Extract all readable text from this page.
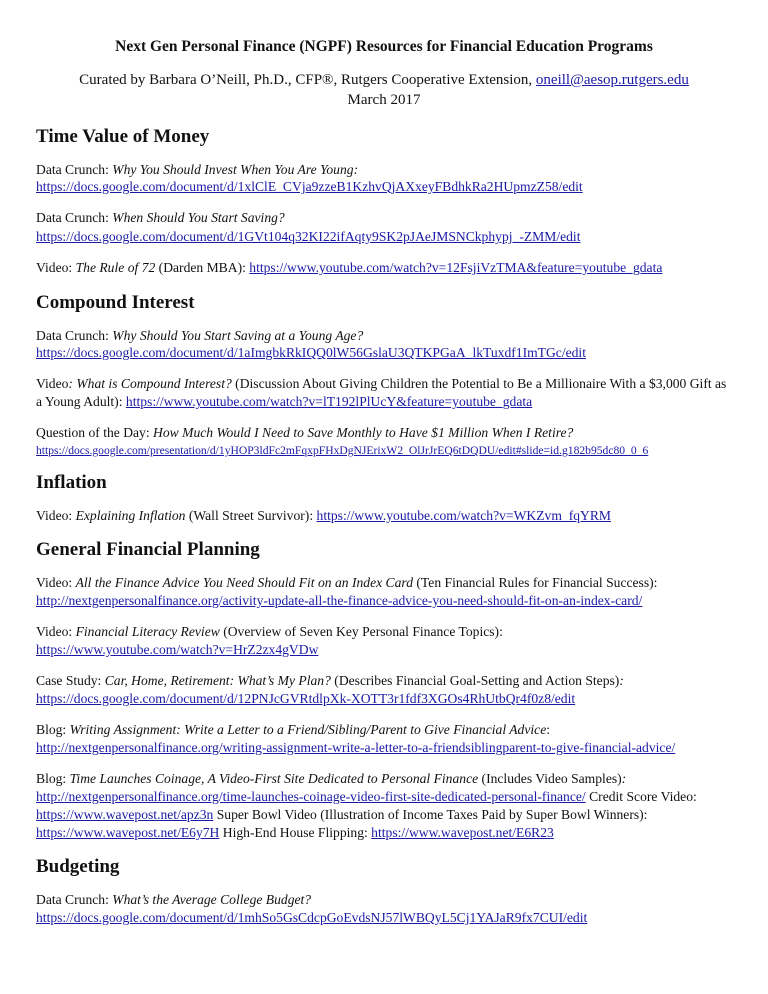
Next Gen Personal Finance (NGPF) Resources for Financial Education Programs
Curated by Barbara O’Neill, Ph.D., CFP®, Rutgers Cooperative Extension, oneill@aesop.rutgers.edu
March 2017
Time Value of Money
Data Crunch: Why You Should Invest When You Are Young:
https://docs.google.com/document/d/1xlClE_CVja9zzeB1KzhvQjAXxeyFBdhkRa2HUpmzZ58/edit
Data Crunch: When Should You Start Saving?
https://docs.google.com/document/d/1GVt104q32KI22ifAqty9SK2pJAeJMSNCkphypj_-ZMM/edit
Video: The Rule of 72 (Darden MBA): https://www.youtube.com/watch?v=12FsjiVzTMA&feature=youtube_gdata
Compound Interest
Data Crunch: Why Should You Start Saving at a Young Age?
https://docs.google.com/document/d/1aImgbkRkIQQ0lW56GslaU3QTKPGaA_lkTuxdf1ImTGc/edit
Video: What is Compound Interest? (Discussion About Giving Children the Potential to Be a Millionaire With a $3,000 Gift as
a Young Adult): https://www.youtube.com/watch?v=lT192lPlUcY&feature=youtube_gdata
Question of the Day: How Much Would I Need to Save Monthly to Have $1 Million When I Retire?
https://docs.google.com/presentation/d/1yHOP3ldFc2mFqxpFHxDgNJErixW2_OlJrJrEQ6tDQDU/edit#slide=id.g182b95dc80_0_6
Inflation
Video: Explaining Inflation (Wall Street Survivor): https://www.youtube.com/watch?v=WKZvm_fqYRM
General Financial Planning
Video: All the Finance Advice You Need Should Fit on an Index Card (Ten Financial Rules for Financial Success):
http://nextgenpersonalfinance.org/activity-update-all-the-finance-advice-you-need-should-fit-on-an-index-card/
Video: Financial Literacy Review (Overview of Seven Key Personal Finance Topics):
https://www.youtube.com/watch?v=HrZ2zx4gVDw
Case Study: Car, Home, Retirement: What’s My Plan? (Describes Financial Goal-Setting and Action Steps):
https://docs.google.com/document/d/12PNJcGVRtdlpXk-XOTT3r1fdf3XGOs4RhUtbQr4f0z8/edit
Blog: Writing Assignment: Write a Letter to a Friend/Sibling/Parent to Give Financial Advice:
http://nextgenpersonalfinance.org/writing-assignment-write-a-letter-to-a-friendsiblingparent-to-give-financial-advice/
Blog: Time Launches Coinage, A Video-First Site Dedicated to Personal Finance (Includes Video Samples):
http://nextgenpersonalfinance.org/time-launches-coinage-video-first-site-dedicated-personal-finance/ Credit Score Video:
https://www.wavepost.net/apz3n Super Bowl Video (Illustration of Income Taxes Paid by Super Bowl Winners):
https://www.wavepost.net/E6y7H High-End House Flipping: https://www.wavepost.net/E6R23
Budgeting
Data Crunch: What’s the Average College Budget?
https://docs.google.com/document/d/1mhSo5GsCdcpGoEvdsNJ57lWBQyL5Cj1YAJaR9fx7CUI/edit
